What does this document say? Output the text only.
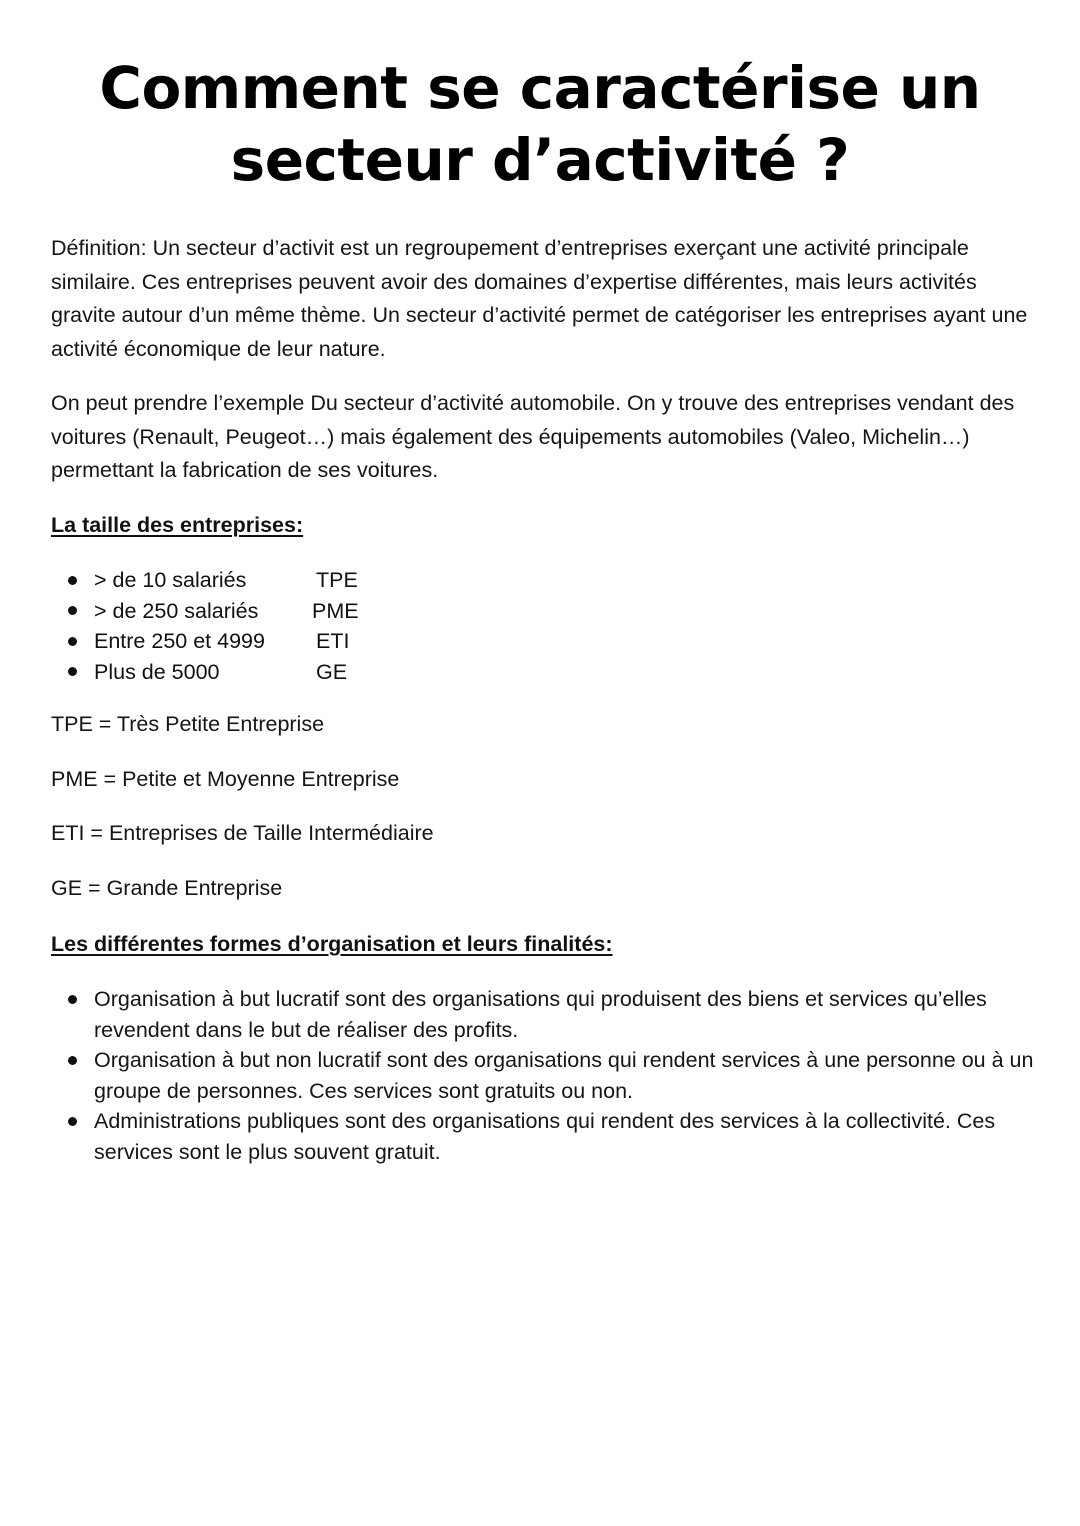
Comment se caractérise un
secteur d’activité ?

Définition: Un secteur d’activit est un regroupement d’entreprises exerçant une activité principale similaire. Ces entreprises peuvent avoir des domaines d’expertise différentes, mais leurs activités gravite autour d’un même thème. Un secteur d’activité permet de catégoriser les entreprises ayant une activité économique de leur nature.

On peut prendre l’exemple Du secteur d’activité automobile. On y trouve des entreprises vendant des voitures (Renault, Peugeot…) mais également des équipements automobiles (Valeo, Michelin…) permettant la fabrication de ses voitures.

La taille des entreprises:

> de 10 salariés	TPE
> de 250 salariés	PME
Entre 250 et 4999	ETI
Plus de 5000	GE

TPE = Très Petite Entreprise

PME = Petite et Moyenne Entreprise

ETI = Entreprises de Taille Intermédiaire

GE = Grande Entreprise

Les différentes formes d’organisation et leurs finalités:

Organisation à but lucratif sont des organisations qui produisent des biens et services qu’elles revendent dans le but de réaliser des profits.
Organisation à but non lucratif sont des organisations qui rendent services à une personne ou à un groupe de personnes. Ces services sont gratuits ou non.
Administrations publiques sont des organisations qui rendent des services à la collectivité. Ces services sont le plus souvent gratuit.
